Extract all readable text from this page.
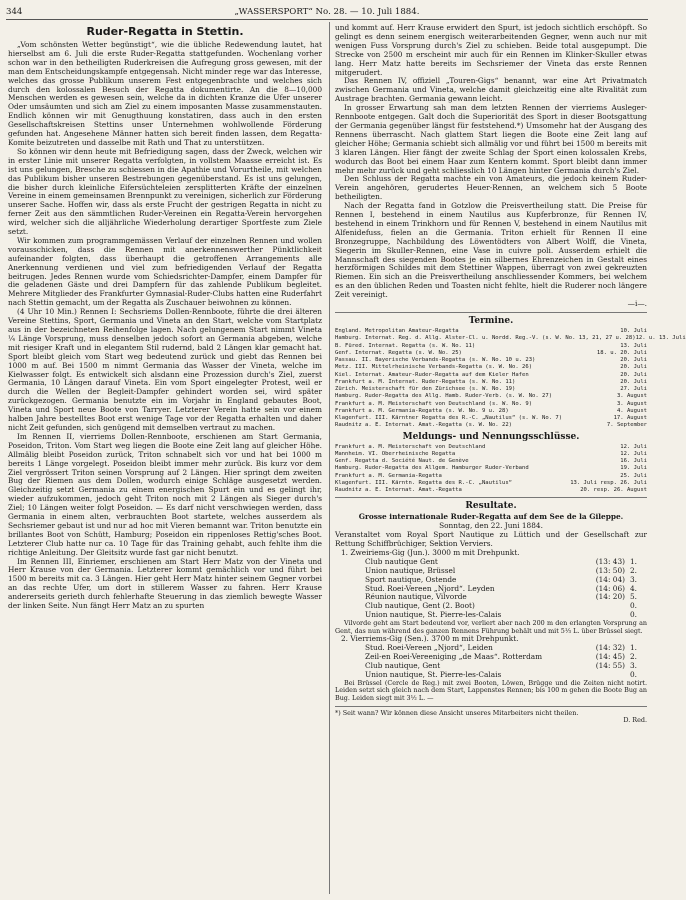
344	„WASSERSPORT“ No. 28. — 10. Juli 1884.
Ruder-Regatta in Stettin.

„Vom schönsten Wetter begünstigt“, wie die übliche Redewendung lautet, hat hierselbst am 6. Juli die erste Ruder-Regatta stattgefunden. Wochenlang vorher schon war in den betheiligten Ruderkreisen die Aufregung gross gewesen, mit der man dem Entscheidungskampfe entgegensah. Nicht minder rege war das Interesse, welches das grosse Publikum unserem Fest entgegenbrachte und welches sich durch den kolossalen Besuch der Regatta dokumentirte. An die 8—10,000 Menschen werden es gewesen sein, welche da in dichten Kranze die Ufer unserer Oder umsäumten und sich am Ziel zu einem imposanten Masse zusammenstauten. Endlich können wir mit Genugthuung konstatiren, dass auch in den ersten Gesellschaftskreisen Stettins unser Unternehmen wohlwollende Förderung gefunden hat. Angesehene Männer hatten sich bereit finden lassen, dem Regatta-Komite beizutreten und dasselbe mit Rath und That zu unterstützen.

So können wir denn heute mit Befriedigung sagen, dass der Zweck, welchen wir in erster Linie mit unserer Regatta verfolgten, in vollstem Maasse erreicht ist. Es ist uns gelungen, Bresche zu schiessen in die Apathie und Vorurtheile, mit welchen das Publikum bisher unseren Bestrebungen gegenüberstand. Es ist uns gelungen, die bisher durch kleinliche Eifersüchteleien zersplitterten Kräfte der einzelnen Vereine in einem gemeinsamen Brennpunkt zu vereinigen, sicherlich zur Förderung unserer Sache. Hoffen wir, dass als erste Frucht der gestrigen Regatta in nicht zu ferner Zeit aus den sämmtlichen Ruder-Vereinen ein Regatta-Verein hervorgehen wird, welcher sich die alljährliche Wiederholung derartiger Sportfeste zum Ziele setzt.

Wir kommen zum programmgemässen Verlauf der einzelnen Rennen und wollen vorausschicken, dass die Rennen mit anerkennenswerther Pünktlichkeit aufeinander folgten, dass überhaupt die getroffenen Arrangements alle Anerkennung verdienen und viel zum befriedigenden Verlauf der Regatta beitrugen. Jedes Rennen wurde vom Schiedsrichter-Dampfer, einem Dampfer für die geladenen Gäste und drei Dampfern für das zahlende Publikum begleitet. Mehrere Mitglieder des Frankfurter Gymnasial-Ruder-Clubs hatten eine Ruderfahrt nach Stettin gemacht, um der Regatta als Zuschauer beiwohnen zu können.

(4 Uhr 10 Min.) Rennen I: Sechsriems Dollen-Rennboote, führte die drei älteren Vereine Stettins, Sport, Germania und Vineta an den Start, welche vom Startplatz aus in der bezeichneten Reihenfolge lagen. Nach gelungenem Start nimmt Vineta ¼ Länge Vorsprung, muss denselben jedoch sofort an Germania abgeben, welche mit riesiger Kraft und in elegantem Stil rudernd, bald 2 Längen klar gemacht hat. Sport bleibt gleich vom Start weg bedeutend zurück und giebt das Rennen bei 1000 m auf. Bei 1500 m nimmt Germania das Wasser der Vineta, welche im Kielwasser folgt. Es entwickelt sich alsdann eine Prozession durch's Ziel, zuerst Germania, 10 Längen darauf Vineta. Ein vom Sport eingelegter Protest, weil er durch die Wellen der Begleit-Dampfer gehindert worden sei, wird später zurückgezogen. Germania benutzte ein im Vorjahr in England gebautes Boot, Vineta und Sport neue Boote von Tarryer. Letzterer Verein hatte sein vor einem halben Jahre bestelltes Boot erst wenige Tage vor der Regatta erhalten und daher nicht Zeit gefunden, sich genügend mit demselben vertraut zu machen.

Im Rennen II, vierriems Dollen-Rennboote, erschienen am Start Germania, Poseidon, Triton. Vom Start weg liegen die Boote eine Zeit lang auf gleicher Höhe. Allmälig bleibt Poseidon zurück, Triton schnabelt sich vor und hat bei 1000 m bereits 1 Länge vorgelegt. Poseidon bleibt immer mehr zurück. Bis kurz vor dem Ziel vergrössert Triton seinen Vorsprung auf 2 Längen. Hier springt dem zweiten Bug der Riemen aus dem Dollen, wodurch einige Schläge ausgesetzt werden. Gleichzeitig setzt Germania zu einem energischen Spurt ein und es gelingt ihr, wieder aufzukommen, jedoch geht Triton noch mit 2 Längen als Sieger durch's Ziel; 10 Längen weiter folgt Poseidon. — Es darf nicht verschwiegen werden, dass Germania in einem alten, verbrauchten Boot startete, welches ausserdem als Sechsriemer gebaut ist und nur ad hoc mit Vieren bemannt war. Triton benutzte ein brillantes Boot von Schütt, Hamburg; Poseidon ein rippenloses Rettig'sches Boot. Letzterer Club hatte nur ca. 10 Tage für das Training gehabt, auch fehlte ihm die richtige Anleitung. Der Gleitsitz wurde fast gar nicht benutzt.

Im Rennen III, Einriemer, erschienen am Start Herr Matz von der Vineta und Herr Krause von der Germania. Letzterer kommt gemächlich vor und führt bei 1500 m bereits mit ca. 3 Längen. Hier geht Herr Matz hinter seinem Gegner vorbei an das rechte Ufer, um dort in stillerem Wasser zu fahren. Herr Krause andererseits gerieth durch fehlerhafte Steuerung in das ziemlich bewegte Wasser der linken Seite. Nun fängt Herr Matz an zu spurten

und kommt auf. Herr Krause erwidert den Spurt, ist jedoch sichtlich erschöpft. So gelingt es denn seinem energisch weiterarbeitenden Gegner, wenn auch nur mit wenigen Fuss Vorsprung durch's Ziel zu schieben. Beide total ausgepumpt. Die Strecke von 2500 m erscheint mir auch für ein Rennen im Klinker-Skuller etwas lang. Herr Matz hatte bereits im Sechsriemer der Vineta das erste Rennen mitgerudert.

Das Rennen IV, offiziell „Touren-Gigs“ benannt, war eine Art Privatmatch zwischen Germania und Vineta, welche damit gleichzeitig eine alte Rivalität zum Austrage brachten. Germania gewann leicht.

In grosser Erwartung sah man dem letzten Rennen der vierriems Ausleger-Rennboote entgegen. Galt doch die Superiorität des Sport in dieser Bootsgattung der Germania gegenüber längst für feststehend.*) Umsomehr hat der Ausgang des Rennens überrascht. Nach glattem Start liegen die Boote eine Zeit lang auf gleicher Höhe; Germania schiebt sich allmälig vor und führt bei 1500 m bereits mit 3 klaren Längen. Hier fängt der zweite Schlag der Sport einen kolossalen Krebs, wodurch das Boot bei einem Haar zum Kentern kommt. Sport bleibt dann immer mehr mehr zurück und geht schliesslich 10 Längen hinter Germania durch's Ziel.

Den Schluss der Regatta machte ein von Amateurs, die jedoch keinem Ruder-Verein angehören, gerudertes Heuer-Rennen, an welchem sich 5 Boote betheiligten.

Nach der Regatta fand in Gotzlow die Preisvertheilung statt. Die Preise für Rennen I, bestehend in einem Nautilus aus Kupferbronze, für Rennen IV, bestehend in einem Trinkhorn und für Rennen V, bestehend in einem Nautilus mit Alfenidefuss, fielen an die Germania. Triton erhielt für Rennen II eine Bronzegruppe, Nachbildung des Löwentödters von Albert Wolff, die Vineta, Siegerin im Skuller-Rennen, eine Vase in cuivre poli. Ausserdem erhielt die Mannschaft des siegenden Bootes je ein silbernes Ehrenzeichen in Gestalt eines herzförmigen Schildes mit dem Stettiner Wappen, überragt von zwei gekreuzten Riemen. Ein sich an die Preisvertheilung anschliessender Kommers, bei welchem es an den üblichen Reden und Toasten nicht fehlte, hielt die Ruderer noch längere Zeit vereinigt.

—i—.
Termine.
England. Metropolitan Amateur-Regatta	10. Juli
Hamburg. Internat. Reg. d. Allg. Alster-Cl. u. Nordd. Reg.-V. (s. W. No. 13, 21, 27 u. 28) 12. u. 13. Juli
B. Füred. Internat. Regatta (s. W. No. 11)	13. Juli
Genf. Internat. Regatta (s. W. No. 25)	18. u. 20. Juli
Passau. II. Bayerische Verbands-Regatta (s. W. No. 10 u. 23)	20. Juli
Metz. III. Mittelrheinische Verbands-Regatta (s. W. No. 26)	20. Juli
Kiel. Internat. Amateur-Ruder-Regatta auf dem Kieler Hafen	20. Juli
Frankfurt a. M. Internat. Ruder-Regatta (s. W. No. 11)	20. Juli
Zürich. Meisterschaft für den Zürichsee (s. W. No. 19)	27. Juli
Hamburg. Ruder-Regatta des Allg. Hamb. Ruder-Verb. (s. W. No. 27)	3. August
Frankfurt a. M. Meisterschaft von Deutschland (s. W. No. 9)	3. August
Frankfurt a. M. Germania-Regatta (s. W. No. 9 u. 28)	4. August
Klagenfurt. III. Kärntner Regatta des R.-C. „Nautilus“ (s. W. No. 7)	17. August
Raudnitz a. E. Internat. Amat.-Regatta (s. W. No. 22)	7. September
Meldungs- und Nennungsschlüsse.
Frankfurt a. M. Meisterschaft von Deutschland	12. Juli
Mannheim. VI. Oberrheinische Regatta	12. Juli
Genf. Regatta d. Société Naut. de Genève	16. Juli
Hamburg. Ruder-Regatta des Allgem. Hamburger Ruder-Verband	19. Juli
Frankfurt a. M. Germania-Regatta	25. Juli
Klagenfurt. III. Kärntn. Regatta des R.-C. „Nautilus“	13. Juli resp. 26. Juli
Raudnitz a. E. Internat. Amat.-Regatta	20. resp. 26. August
Resultate.
Grosse internationale Ruder-Regatta auf dem See de la Gileppe.
Sonntag, den 22. Juni 1884.

Veranstaltet vom Royal Sport Nautique zu Lüttich und der Gesellschaft zur Rettung Schiffbrüchiger, Sektion Verviers.

1. Zweiriems-Gig (Jun.). 3000 m mit Drehpunkt.
Club nautique Gent	(13: 43) 1.
Union nautique, Brüssel	(13: 50) 2.
Sport nautique, Ostende	(14: 04) 3.
Stud. Roei-Vereen „Njord“. Leyden	(14: 06) 4.
Réunion nautique, Vilvorde	(14: 20) 5.
Club nautique, Gent (2. Boot)	0.
Union nautique, St. Pierre-les-Calais	0.

Vilvorde geht am Start bedeutend vor, verliert aber nach 200 m den erlangten Vorsprung an Gent, das nun während des ganzen Rennens Führung behält und mit 5⅓ L. über Brüssel siegt.

2. Vierriems-Gig (Sen.). 3700 m mit Drehpunkt.
Stud. Roei-Vereen „Njord“, Leiden	(14: 32) 1.
Zeil-en Roei-Vereeniging „de Maas“. Rotterdam	(14: 45) 2.
Club nautique, Gent	(14: 55) 3.
Union nautique, St. Pierre-les-Calais	0.

Bei Brüssel (Cercle de Reg.) mit zwei Booten, Löwen, Brügge und die Zeiten nicht notirt. Leiden setzt sich gleich nach dem Start, Lappenstes Rennen; bis 100 m gehen die Boote Bug an Bug. Leiden siegt mit 3½ L. —

*) Seit wann? Wir können diese Ansicht unseres Mitarbeiters nicht theilen.
D. Red.
